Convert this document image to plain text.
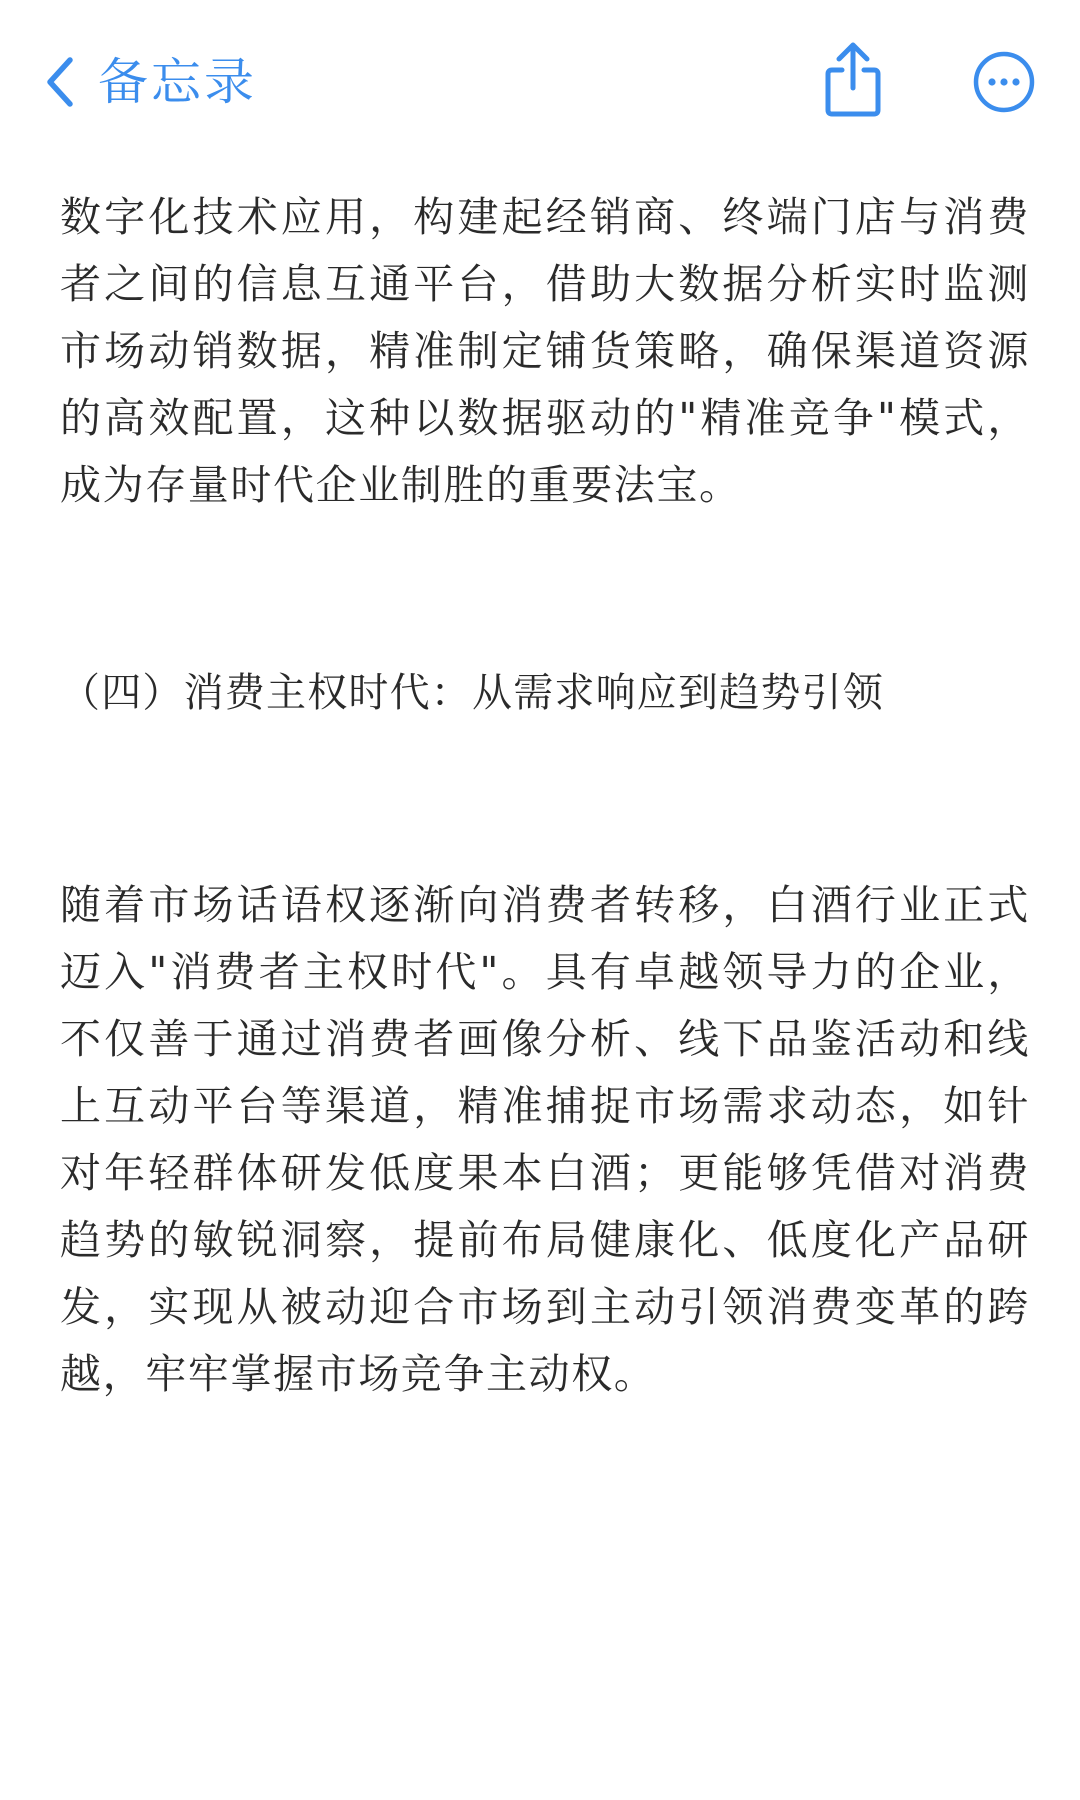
备忘录

数字化技术应用，构建起经销商、终端门店与消费者之间的信息互通平台，借助大数据分析实时监测市场动销数据，精准制定铺货策略，确保渠道资源的高效配置，这种以数据驱动的"精准竞争"模式，成为存量时代企业制胜的重要法宝。

（四）消费主权时代：从需求响应到趋势引领

随着市场话语权逐渐向消费者转移，白酒行业正式迈入"消费者主权时代"。具有卓越领导力的企业，不仅善于通过消费者画像分析、线下品鉴活动和线上互动平台等渠道，精准捕捉市场需求动态，如针对年轻群体研发低度果本白酒；更能够凭借对消费趋势的敏锐洞察，提前布局健康化、低度化产品研发，实现从被动迎合市场到主动引领消费变革的跨越，牢牢掌握市场竞争主动权。
